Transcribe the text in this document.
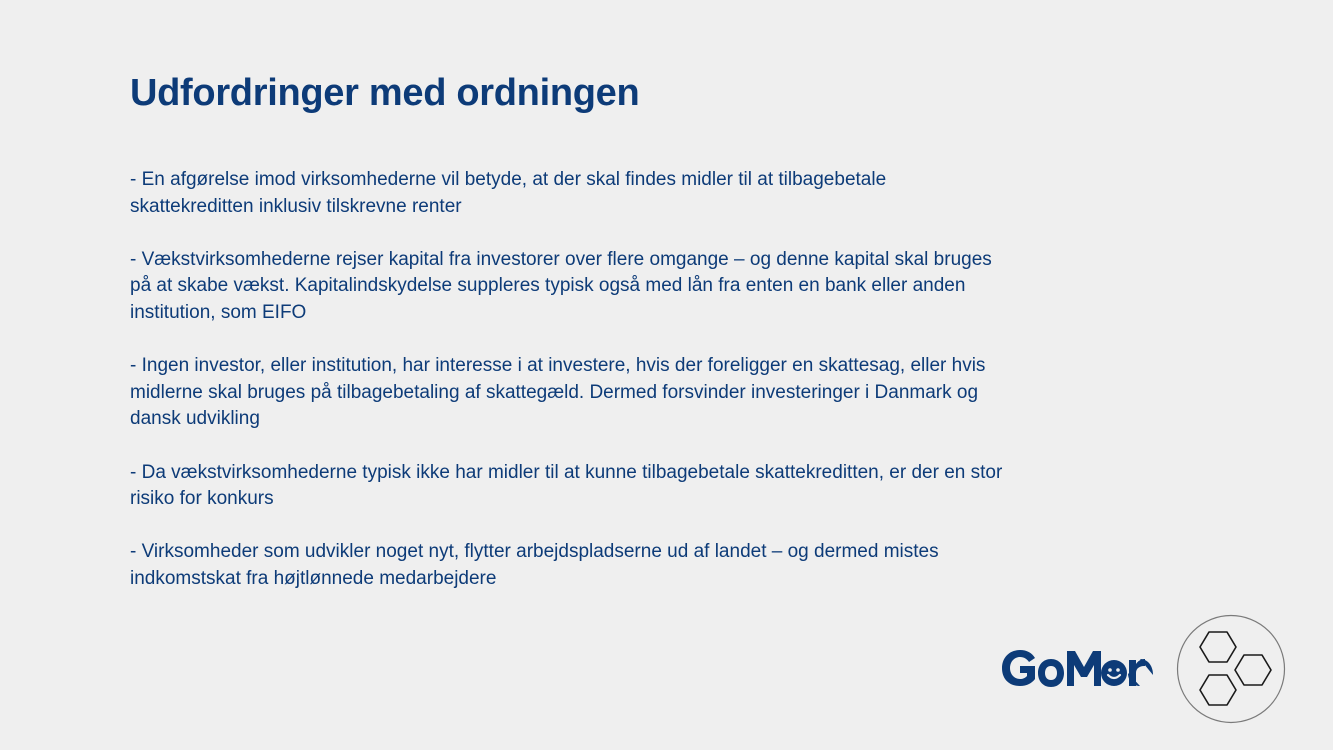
Udfordringer med ordningen
- En afgørelse imod virksomhederne vil betyde, at der skal findes midler til at tilbagebetale skattekreditten inklusiv tilskrevne renter
- Vækstvirksomhederne rejser kapital fra investorer over flere omgange – og denne kapital skal bruges på at skabe vækst. Kapitalindskydelse suppleres typisk også med lån fra enten en bank eller anden institution, som EIFO
- Ingen investor, eller institution, har interesse i at investere, hvis der foreligger en skattesag, eller hvis midlerne skal bruges på tilbagebetaling af skattegæld. Dermed forsvinder investeringer i Danmark og dansk udvikling
- Da vækstvirksomhederne typisk ikke har midler til at kunne tilbagebetale skattekreditten, er der en stor risiko for konkurs
- Virksomheder som udvikler noget nyt, flytter arbejdspladserne ud af landet – og dermed mistes indkomstskat fra højtlønnede medarbejdere
